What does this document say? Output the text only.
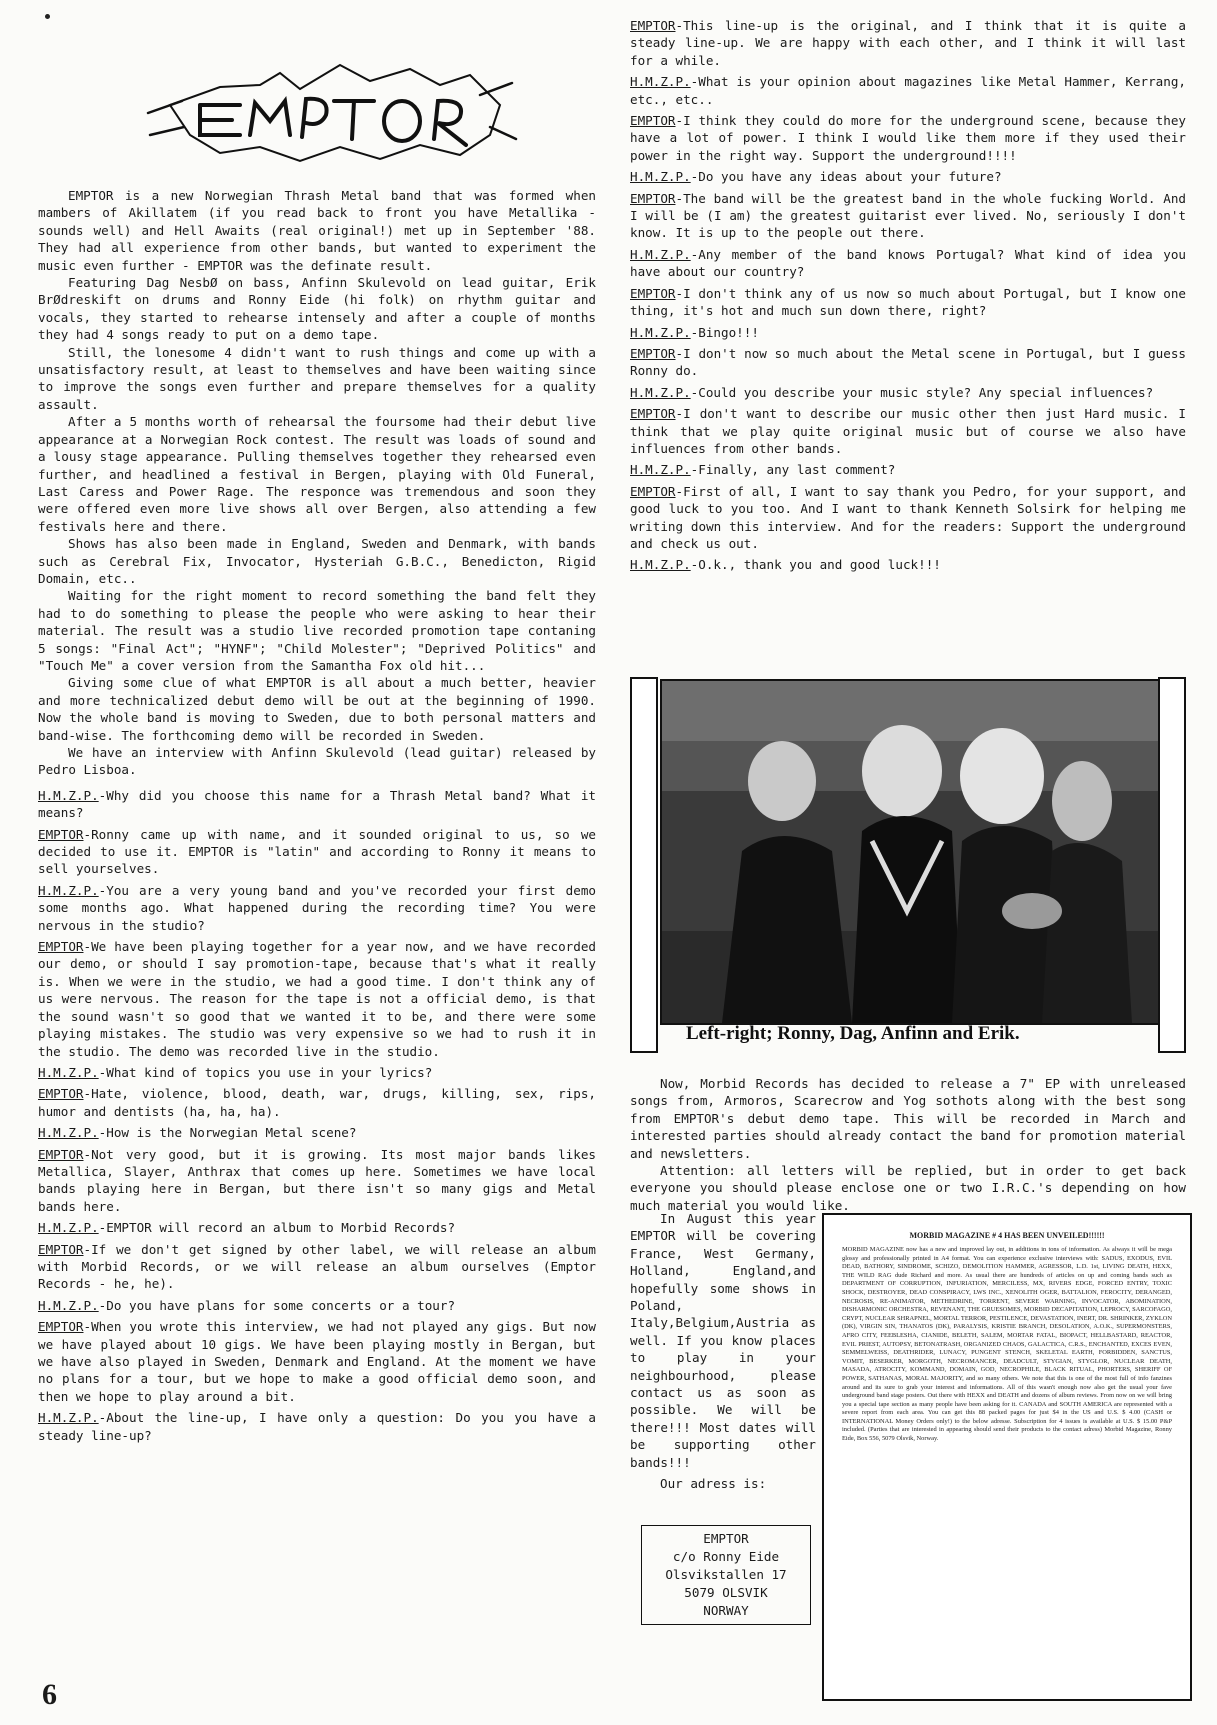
EMPTOR

EMPTOR is a new Norwegian Thrash Metal band that was formed when mambers of Akillatem (if you read back to front you have Metallika - sounds well) and Hell Awaits (real original!) met up in September '88. They had all experience from other bands, but wanted to experiment the music even further - EMPTOR was the definate result.

Featuring Dag NesbØ on bass, Anfinn Skulevold on lead guitar, Erik BrØdreskift on drums and Ronny Eide (hi folk) on rhythm guitar and vocals, they started to rehearse intensely and after a couple of months they had 4 songs ready to put on a demo tape.

Still, the lonesome 4 didn't want to rush things and come up with a unsatisfactory result, at least to themselves and have been waiting since to improve the songs even further and prepare themselves for a quality assault.

After a 5 months worth of rehearsal the foursome had their debut live appearance at a Norwegian Rock contest. The result was loads of sound and a lousy stage appearance. Pulling themselves together they rehearsed even further, and headlined a festival in Bergen, playing with Old Funeral, Last Caress and Power Rage. The responce was tremendous and soon they were offered even more live shows all over Bergen, also attending a few festivals here and there.

Shows has also been made in England, Sweden and Denmark, with bands such as Cerebral Fix, Invocator, Hysteriah G.B.C., Benedicton, Rigid Domain, etc..

Waiting for the right moment to record something the band felt they had to do something to please the people who were asking to hear their material. The result was a studio live recorded promotion tape contaning 5 songs: "Final Act"; "HYNF"; "Child Molester"; "Deprived Politics" and "Touch Me" a cover version from the Samantha Fox old hit...

Giving some clue of what EMPTOR is all about a much better, heavier and more technicalized debut demo will be out at the beginning of 1990. Now the whole band is moving to Sweden, due to both personal matters and band-wise. The forthcoming demo will be recorded in Sweden.

We have an interview with Anfinn Skulevold (lead guitar) released by Pedro Lisboa.

H.M.Z.P.-Why did you choose this name for a Thrash Metal band? What it means?

EMPTOR-Ronny came up with name, and it sounded original to us, so we decided to use it. EMPTOR is "latin" and according to Ronny it means to sell yourselves.

H.M.Z.P.-You are a very young band and you've recorded your first demo some months ago. What happened during the recording time? You were nervous in the studio?

EMPTOR-We have been playing together for a year now, and we have recorded our demo, or should I say promotion-tape, because that's what it really is. When we were in the studio, we had a good time. I don't think any of us were nervous. The reason for the tape is not a official demo, is that the sound wasn't so good that we wanted it to be, and there were some playing mistakes. The studio was very expensive so we had to rush it in the studio. The demo was recorded live in the studio.

H.M.Z.P.-What kind of topics you use in your lyrics?

EMPTOR-Hate, violence, blood, death, war, drugs, killing, sex, rips, humor and dentists (ha, ha, ha).

H.M.Z.P.-How is the Norwegian Metal scene?

EMPTOR-Not very good, but it is growing. Its most major bands likes Metallica, Slayer, Anthrax that comes up here. Sometimes we have local bands playing here in Bergan, but there isn't so many gigs and Metal bands here.

H.M.Z.P.-EMPTOR will record an album to Morbid Records?

EMPTOR-If we don't get signed by other label, we will release an album with Morbid Records, or we will release an album ourselves (Emptor Records - he, he).

H.M.Z.P.-Do you have plans for some concerts or a tour?

EMPTOR-When you wrote this interview, we had not played any gigs. But now we have played about 10 gigs. We have been playing mostly in Bergan, but we have also played in Sweden, Denmark and England. At the moment we have no plans for a tour, but we hope to make a good official demo soon, and then we hope to play around a bit.

H.M.Z.P.-About the line-up, I have only a question: Do you you have a steady line-up?

EMPTOR-This line-up is the original, and I think that it is quite a steady line-up. We are happy with each other, and I think it will last for a while.

H.M.Z.P.-What is your opinion about magazines like Metal Hammer, Kerrang, etc., etc..

EMPTOR-I think they could do more for the underground scene, because they have a lot of power. I think I would like them more if they used their power in the right way. Support the underground!!!!

H.M.Z.P.-Do you have any ideas about your future?

EMPTOR-The band will be the greatest band in the whole fucking World. And I will be (I am) the greatest guitarist ever lived. No, seriously I don't know. It is up to the people out there.

H.M.Z.P.-Any member of the band knows Portugal? What kind of idea you have about our country?

EMPTOR-I don't think any of us now so much about Portugal, but I know one thing, it's hot and much sun down there, right?

H.M.Z.P.-Bingo!!!

EMPTOR-I don't now so much about the Metal scene in Portugal, but I guess Ronny do.

H.M.Z.P.-Could you describe your music style? Any special influences?

EMPTOR-I don't want to describe our music other then just Hard music. I think that we play quite original music but of course we also have influences from other bands.

H.M.Z.P.-Finally, any last comment?

EMPTOR-First of all, I want to say thank you Pedro, for your support, and good luck to you too. And I want to thank Kenneth Solsirk for helping me writing down this interview. And for the readers: Support the underground and check us out.

H.M.Z.P.-O.k., thank you and good luck!!!

Left-right; Ronny, Dag, Anfinn and Erik.

Now, Morbid Records has decided to release a 7" EP with unreleased songs from, Armoros, Scarecrow and Yog sothots along with the best song from EMPTOR's debut demo tape. This will be recorded in March and interested parties should already contact the band for promotion material and newsletters.

Attention: all letters will be replied, but in order to get back everyone you should please enclose one or two I.R.C.'s depending on how much material you would like.

In August this year EMPTOR will be covering France, West Germany, Holland, England,and hopefully some shows in Poland, Italy,Belgium,Austria as well. If you know places to play in your neighbourhood, please contact us as soon as possible. We will be there!!! Most dates will be supporting other bands!!!

Our adress is:

EMPTOR
c/o Ronny Eide
Olsvikstallen 17
5079 OLSVIK
NORWAY
MORBID MAGAZINE # 4 HAS BEEN UNVEILED!!!!!!
MORBID MAGAZINE now has a new and improved lay out, in additions in tons of information. As always it will be mega glossy and professionally printed in A4 format. You can experience exclusive interviews with: SADUS, EXODUS, EVIL DEAD, BATHORY, SINDROME, SCHIZO, DEMOLITION HAMMER, AGRESSOR, L.D. 1st, LIVING DEATH, HEXX, THE WILD RAG dude Richard and more. As usual there are hundreds of articles on up and coming bands such as DEPARTMENT OF CORRUPTION, INFURIATION, MERCILESS, MX, RIVERS EDGE, FORCED ENTRY, TOXIC SHOCK, DESTROYER, DEAD CONSPIRACY, LWS INC., XENOLITH OGER, BATTALION, FEROCITY, DERANGED, NECROSIS, RE-ANIMATOR, METHEDRINE, TORRENT, SEVERE WARNING, INVOCATOR, ABOMINATION, DISHARMONIC ORCHESTRA, REVENANT, THE GRUESOMES, MORBID DECAPITATION, LEPROCY, SARCOFAGO, CRYPT, NUCLEAR SHRAPNEL, MORTAL TERROR, PESTILENCE, DEVASTATION, INERT, DR. SHRINKER, ZYKLON (DK), VIRGIN SIN, THANATOS (DK), PARALYSIS, KRISTIE BRANCH, DESOLATION, A.O.K., SUPERMONSTERS, AFRO CITY, FEEBLESHA, CIANIDE, BELETH, SALEM, MORTAR FATAL, BIOPACT, HELLBASTARD, REACTOR, EVIL PRIEST, AUTOPSY, BETONATRASH, ORGANIZED CHAOS, GALACTICA, C.R.S., ENCHANTED, EXCES EVEN, SEMMELWEISS, DEATHRIDER, LUNACY, PUNGENT STENCH, SKELETAL EARTH, FORBIDDEN, SANCTUS, VOMIT, BESERKER, MORGOTH, NECROMANCER, DEADCULT, STYGIAN, STYGLOR, NUCLEAR DEATH, MASADA, ATROCITY, KOMMAND, DOMAIN, GOD, NECROPHILE, BLACK RITUAL, PHORTERS, SHERIFF OF POWER, SATHANAS, MORAL MAJORITY, and so many others. We note that this is one of the most full of info fanzines around and its sure to grab your interest and informations. All of this wasn't enough now also get the usual your fave underground band stage posters. Out there with HEXX and DEATH and dozens of album reviews. From now on we will bring you a special tape section as many people have been asking for it. CANADA and SOUTH AMERICA are represented with a severe report from each area. You can get this 88 packed pages for just $4 in the US and U.S. $ 4.00 (CASH or INTERNATIONAL Money Orders only!) to the below adresse. Subscription for 4 issues is available at U.S. $ 15.00 P&P included. (Parties that are interested in appearing should send their products to the contact adress) Morbid Magazine, Ronny Eide, Box 556, 5079 Olsvik, Norway.
6
